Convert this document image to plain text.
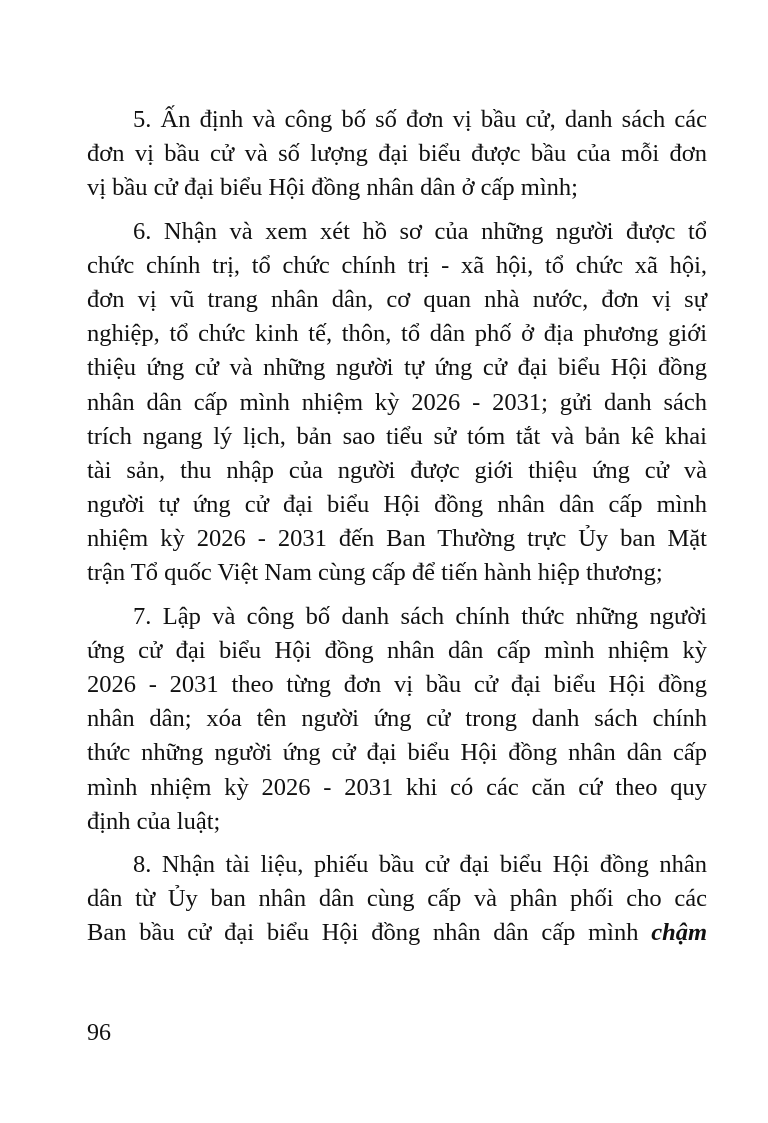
5. Ấn định và công bố số đơn vị bầu cử, danh sách các
đơn vị bầu cử và số lượng đại biểu được bầu của mỗi đơn
vị bầu cử đại biểu Hội đồng nhân dân ở cấp mình;
6. Nhận và xem xét hồ sơ của những người được tổ
chức chính trị, tổ chức chính trị - xã hội, tổ chức xã hội,
đơn vị vũ trang nhân dân, cơ quan nhà nước, đơn vị sự
nghiệp, tổ chức kinh tế, thôn, tổ dân phố ở địa phương giới
thiệu ứng cử và những người tự ứng cử đại biểu Hội đồng
nhân dân cấp mình nhiệm kỳ 2026 - 2031; gửi danh sách
trích ngang lý lịch, bản sao tiểu sử tóm tắt và bản kê khai
tài sản, thu nhập của người được giới thiệu ứng cử và
người tự ứng cử đại biểu Hội đồng nhân dân cấp mình
nhiệm kỳ 2026 - 2031 đến Ban Thường trực Ủy ban Mặt
trận Tổ quốc Việt Nam cùng cấp để tiến hành hiệp thương;
7. Lập và công bố danh sách chính thức những người
ứng cử đại biểu Hội đồng nhân dân cấp mình nhiệm kỳ
2026 - 2031 theo từng đơn vị bầu cử đại biểu Hội đồng
nhân dân; xóa tên người ứng cử trong danh sách chính
thức những người ứng cử đại biểu Hội đồng nhân dân cấp
mình nhiệm kỳ 2026 - 2031 khi có các căn cứ theo quy
định của luật;
8. Nhận tài liệu, phiếu bầu cử đại biểu Hội đồng nhân
dân từ Ủy ban nhân dân cùng cấp và phân phối cho các
Ban bầu cử đại biểu Hội đồng nhân dân cấp mình chậm
96
